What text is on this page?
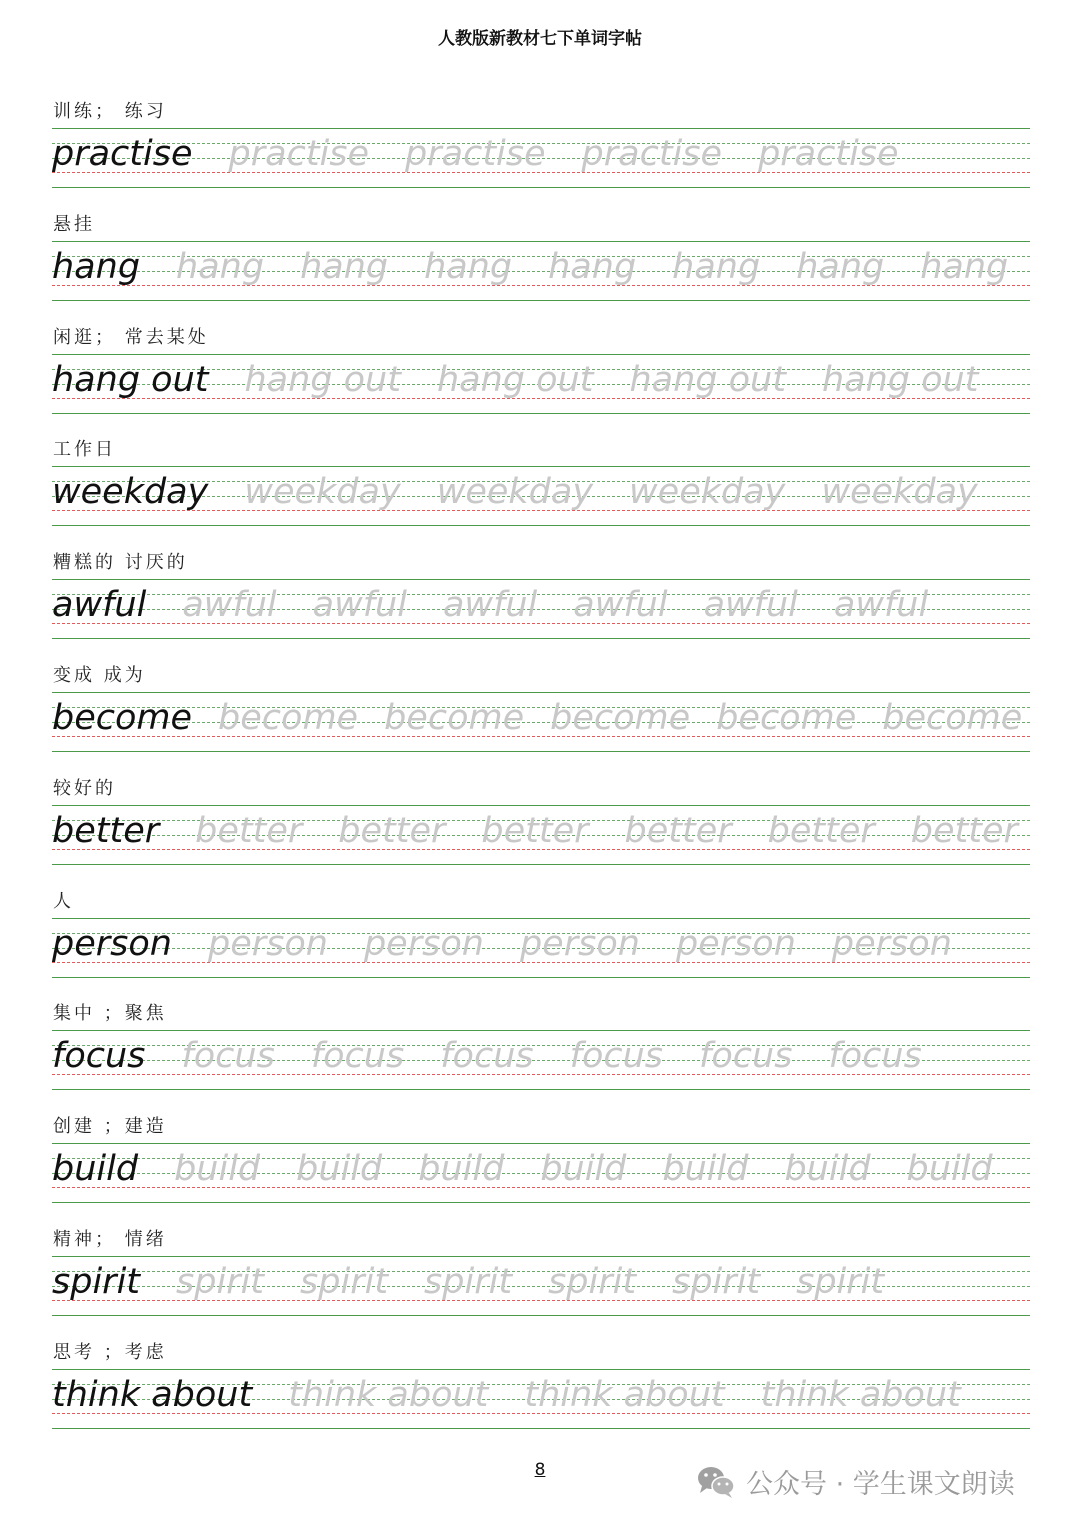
人教版新教材七下单词字帖
训练； 练习
practise practise practise practise practise
悬挂
hang hang hang hang hang hang hang hang
闲逛； 常去某处
hang out hang out hang out hang out hang out
工作日
weekday weekday weekday weekday weekday
糟糕的 讨厌的
awful awful awful awful awful awful awful
变成 成为
become become become become become become
较好的
better better better better better better better
人
person person person person person person
集中 ；聚焦
focus focus focus focus focus focus focus
创建 ；建造
build build build build build build build build
精神； 情绪
spirit spirit spirit spirit spirit spirit spirit
思考 ；考虑
think about think about think about think about
8	公众号 · 学生课文朗读
